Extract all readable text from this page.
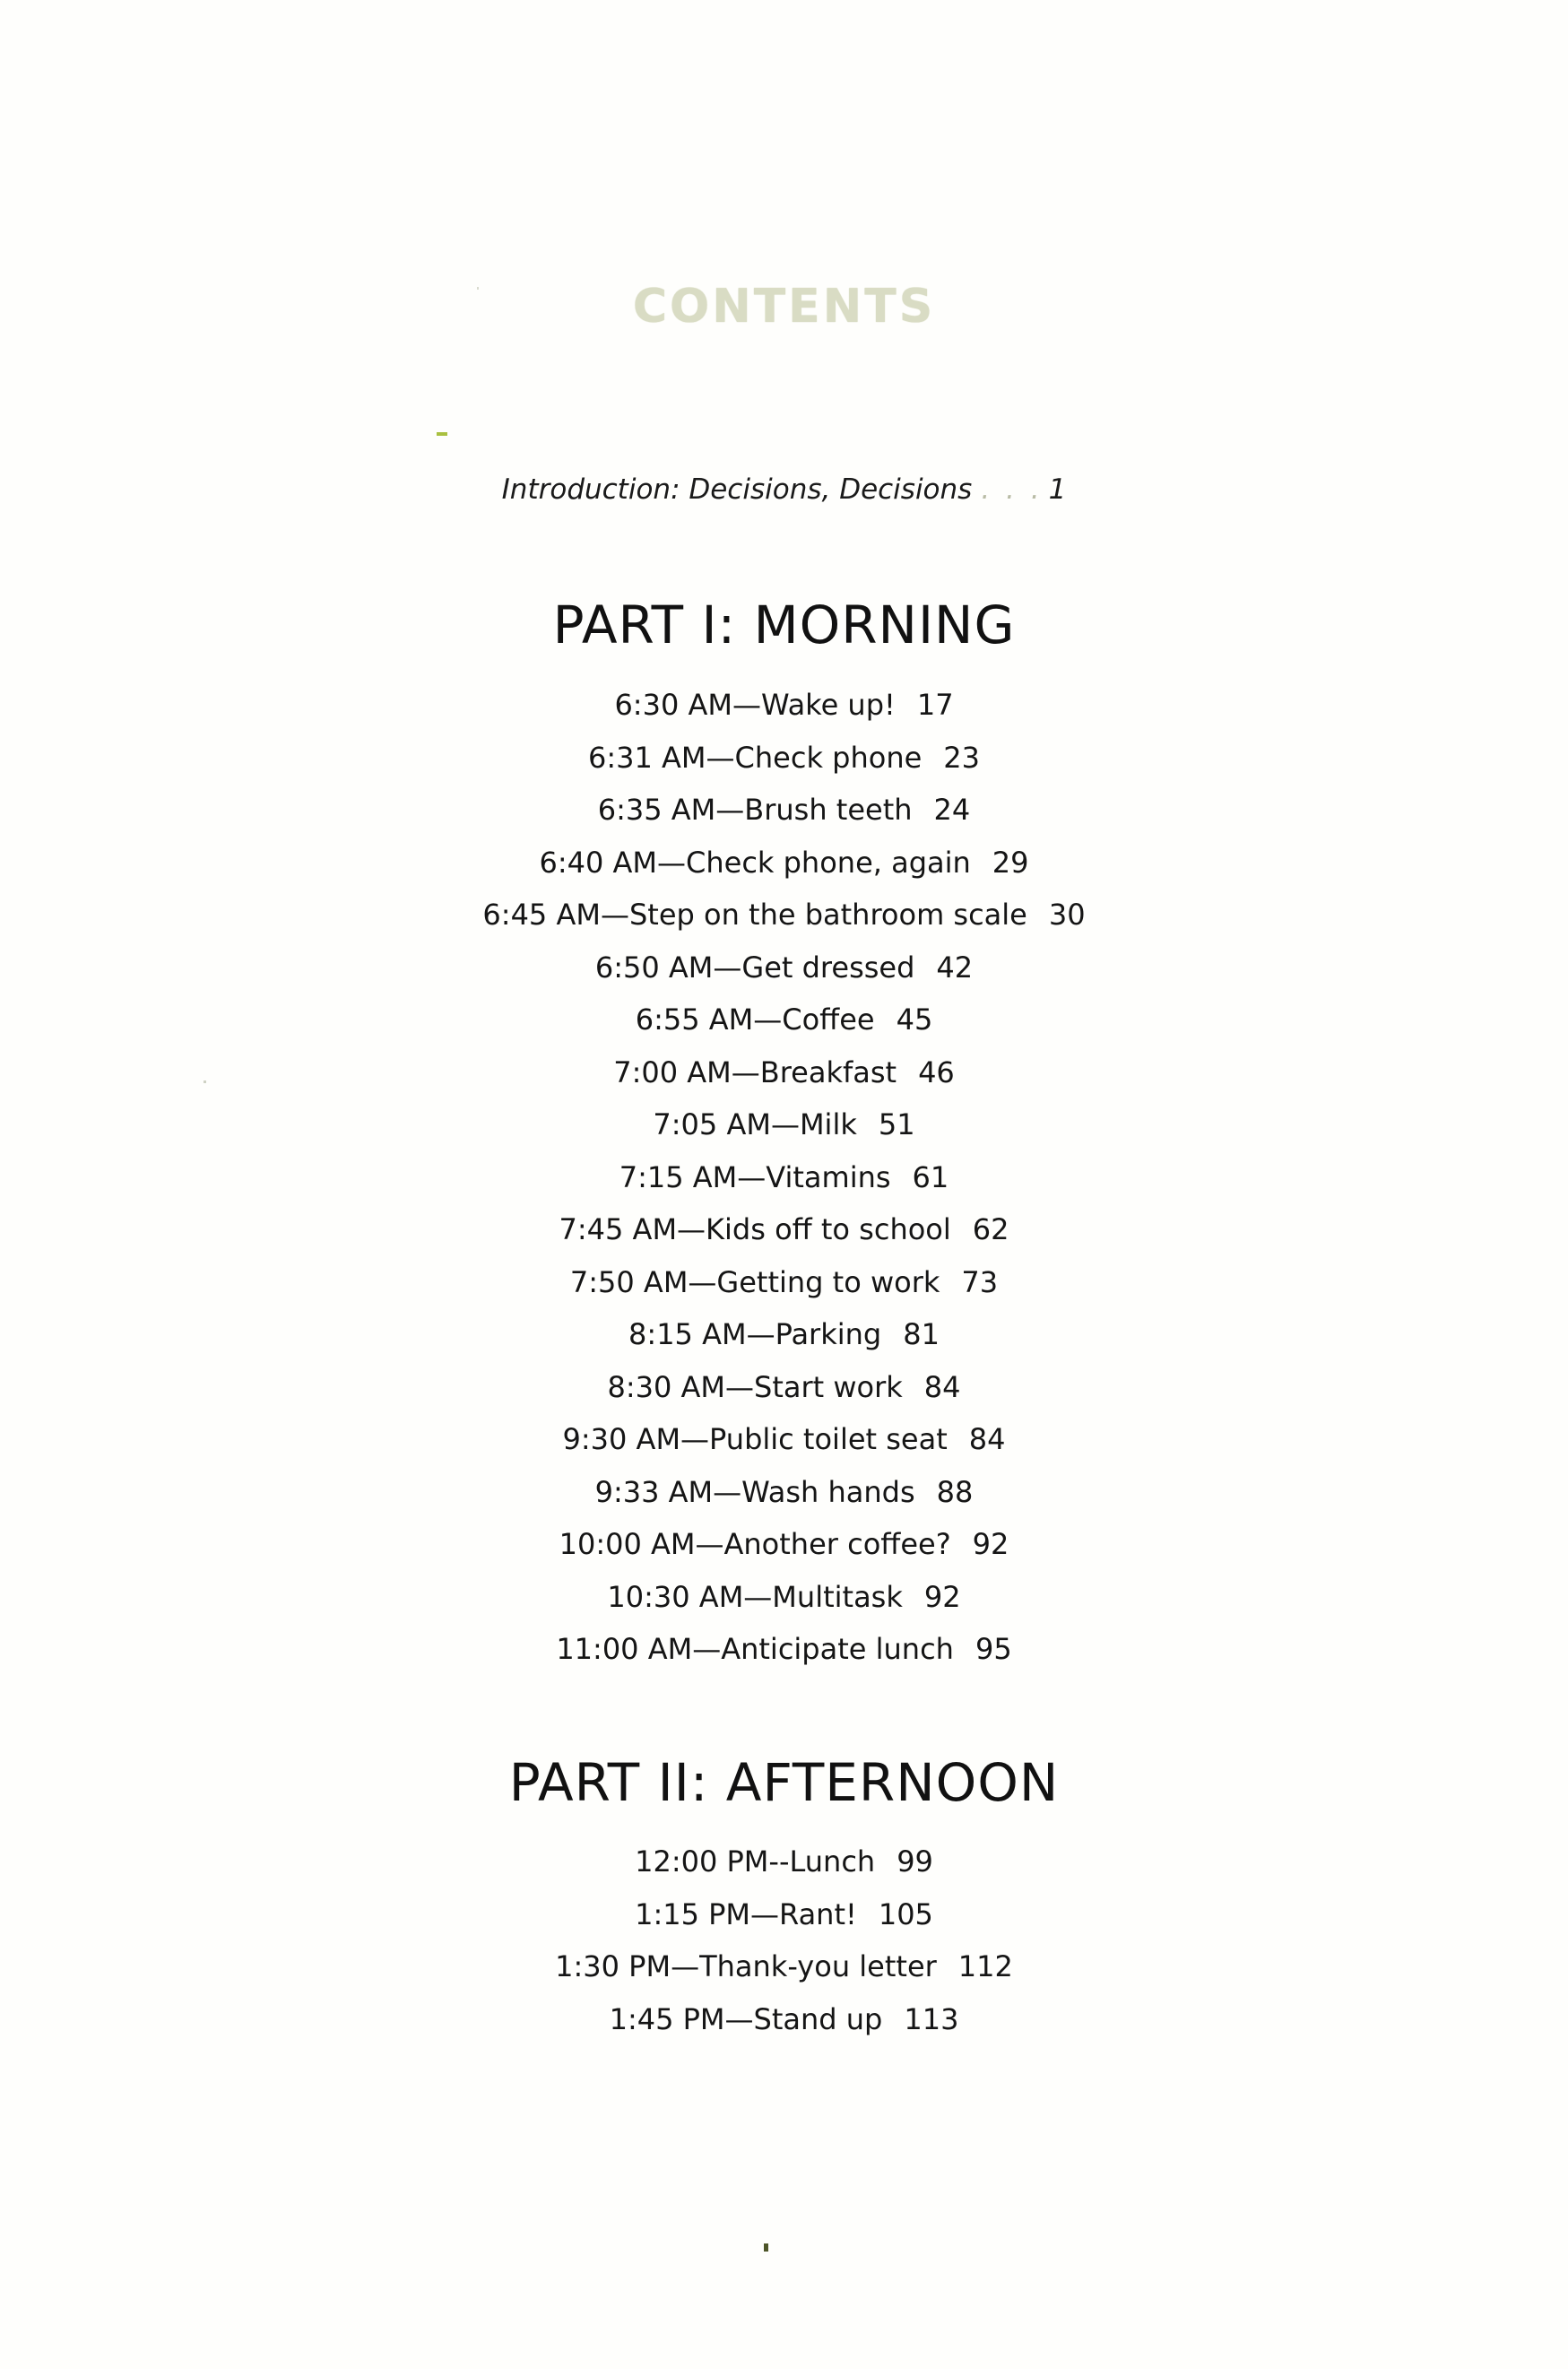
CONTENTS
Introduction: Decisions, Decisions . . . 1
PART I: MORNING
6:30 AM—Wake up! 17
6:31 AM—Check phone 23
6:35 AM—Brush teeth 24
6:40 AM—Check phone, again 29
6:45 AM—Step on the bathroom scale 30
6:50 AM—Get dressed 42
6:55 AM—Coffee 45
7:00 AM—Breakfast 46
7:05 AM—Milk 51
7:15 AM—Vitamins 61
7:45 AM—Kids off to school 62
7:50 AM—Getting to work 73
8:15 AM—Parking 81
8:30 AM—Start work 84
9:30 AM—Public toilet seat 84
9:33 AM—Wash hands 88
10:00 AM—Another coffee? 92
10:30 AM—Multitask 92
11:00 AM—Anticipate lunch 95
PART II: AFTERNOON
12:00 PM--Lunch 99
1:15 PM—Rant! 105
1:30 PM—Thank-you letter 112
1:45 PM—Stand up 113
